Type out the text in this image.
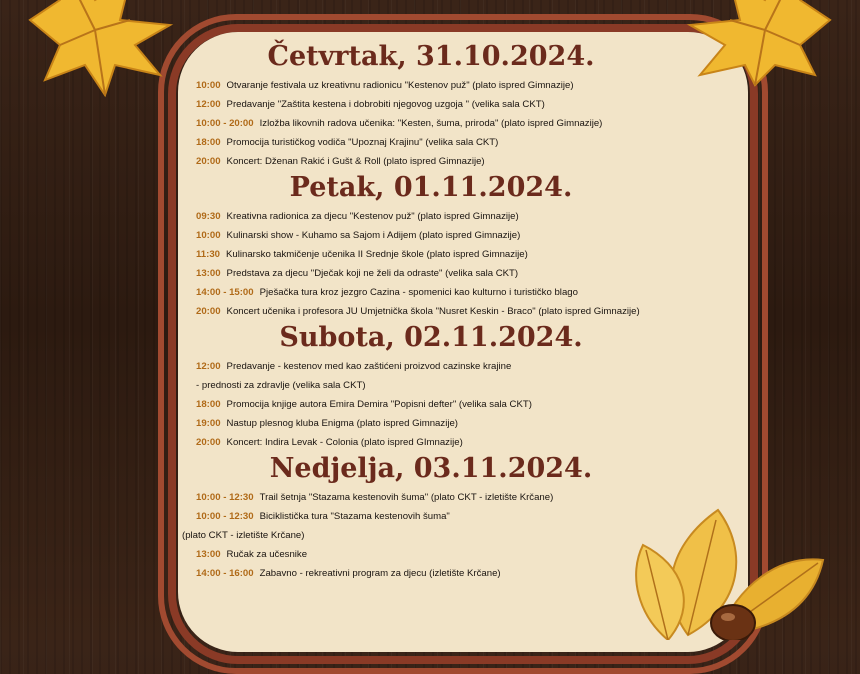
Četvrtak, 31.10.2024.
10:00 Otvaranje festivala uz kreativnu radionicu "Kestenov puž" (plato ispred Gimnazije)
12:00 Predavanje "Zaštita kestena i dobrobiti njegovog uzgoja " (velika sala CKT)
10:00 - 20:00 Izložba likovnih radova učenika: "Kesten, šuma, priroda" (plato ispred Gimnazije)
18:00 Promocija turističkog vodiča "Upoznaj Krajinu" (velika sala CKT)
20:00 Koncert: Dženan Rakić i Gušt & Roll (plato ispred Gimnazije)
Petak, 01.11.2024.
09:30 Kreativna radionica za djecu "Kestenov puž" (plato ispred Gimnazije)
10:00 Kulinarski show - Kuhamo sa Sajom i Adijem (plato ispred Gimnazije)
11:30 Kulinarsko takmičenje učenika II Srednje škole (plato ispred Gimnazije)
13:00 Predstava za djecu "Dječak koji ne želi da odraste" (velika sala CKT)
14:00 - 15:00 Pješačka tura kroz jezgro Cazina - spomenici kao kulturno i turističko blago
20:00 Koncert učenika i profesora JU Umjetnička škola "Nusret Keskin - Braco" (plato ispred Gimnazije)
Subota, 02.11.2024.
12:00 Predavanje - kestenov med kao zaštićeni proizvod cazinske krajine
- prednosti za zdravlje (velika sala CKT)
18:00 Promocija knjige autora Emira Demira "Popisni defter" (velika sala CKT)
19:00 Nastup plesnog kluba Enigma (plato ispred Gimnazije)
20:00 Koncert: Indira Levak - Colonia (plato ispred GImnazije)
Nedjelja, 03.11.2024.
10:00 - 12:30 Trail šetnja "Stazama kestenovih šuma" (plato CKT - izletište Krčane)
10:00 - 12:30 Biciklistička tura "Stazama kestenovih šuma"
(plato CKT - izletište Krčane)
13:00 Ručak za učesnike
14:00 - 16:00 Zabavno - rekreativni program za djecu (izletište Krčane)
